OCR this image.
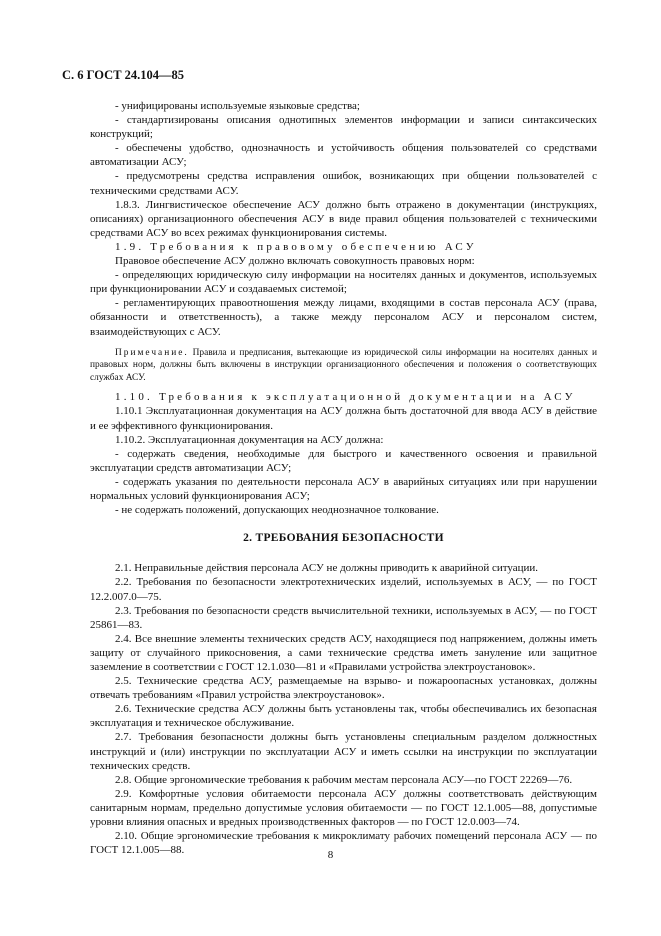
С. 6 ГОСТ 24.104—85

- унифицированы используемые языковые средства;

- стандартизированы описания однотипных элементов информации и записи синтаксических конструкций;

- обеспечены удобство, однозначность и устойчивость общения пользователей со средствами автоматизации АСУ;

- предусмотрены средства исправления ошибок, возникающих при общении пользователей с техническими средствами АСУ.

1.8.3. Лингвистическое обеспечение АСУ должно быть отражено в документации (инструкциях, описаниях) организационного обеспечения АСУ в виде правил общения пользователей с техническими средствами АСУ во всех режимах функционирования системы.

1.9. Требования к правовому обеспечению АСУ

Правовое обеспечение АСУ должно включать совокупность правовых норм:

- определяющих юридическую силу информации на носителях данных и документов, используемых при функционировании АСУ и создаваемых системой;

- регламентирующих правоотношения между лицами, входящими в состав персонала АСУ (права, обязанности и ответственность), а также между персоналом АСУ и персоналом систем, взаимодействующих с АСУ.

Примечание. Правила и предписания, вытекающие из юридической силы информации на носителях данных и правовых норм, должны быть включены в инструкции организационного обеспечения и положения о соответствующих службах АСУ.

1.10. Требования к эксплуатационной документации на АСУ

1.10.1 Эксплуатационная документация на АСУ должна быть достаточной для ввода АСУ в действие и ее эффективного функционирования.

1.10.2. Эксплуатационная документация на АСУ должна:

- содержать сведения, необходимые для быстрого и качественного освоения и правильной эксплуатации средств автоматизации АСУ;

- содержать указания по деятельности персонала АСУ в аварийных ситуациях или при нарушении нормальных условий функционирования АСУ;

- не содержать положений, допускающих неоднозначное толкование.

2. ТРЕБОВАНИЯ БЕЗОПАСНОСТИ

2.1. Неправильные действия персонала АСУ не должны приводить к аварийной ситуации.

2.2. Требования по безопасности электротехнических изделий, используемых в АСУ, — по ГОСТ 12.2.007.0—75.

2.3. Требования по безопасности средств вычислительной техники, используемых в АСУ, — по ГОСТ 25861—83.

2.4. Все внешние элементы технических средств АСУ, находящиеся под напряжением, должны иметь защиту от случайного прикосновения, а сами технические средства иметь зануление или защитное заземление в соответствии с ГОСТ 12.1.030—81 и «Правилами устройства электроустановок».

2.5. Технические средства АСУ, размещаемые на взрыво- и пожароопасных установках, должны отвечать требованиям «Правил устройства электроустановок».

2.6. Технические средства АСУ должны быть установлены так, чтобы обеспечивались их безопасная эксплуатация и техническое обслуживание.

2.7. Требования безопасности должны быть установлены специальным разделом должностных инструкций и (или) инструкции по эксплуатации АСУ и иметь ссылки на инструкции по эксплуатации технических средств.

2.8. Общие эргономические требования к рабочим местам персонала АСУ—по ГОСТ 22269—76.

2.9. Комфортные условия обитаемости персонала АСУ должны соответствовать действующим санитарным нормам, предельно допустимые условия обитаемости — по ГОСТ 12.1.005—88, допустимые уровни влияния опасных и вредных производственных факторов — по ГОСТ 12.0.003—74.

2.10. Общие эргономические требования к микроклимату рабочих помещений персонала АСУ — по ГОСТ 12.1.005—88.	8
